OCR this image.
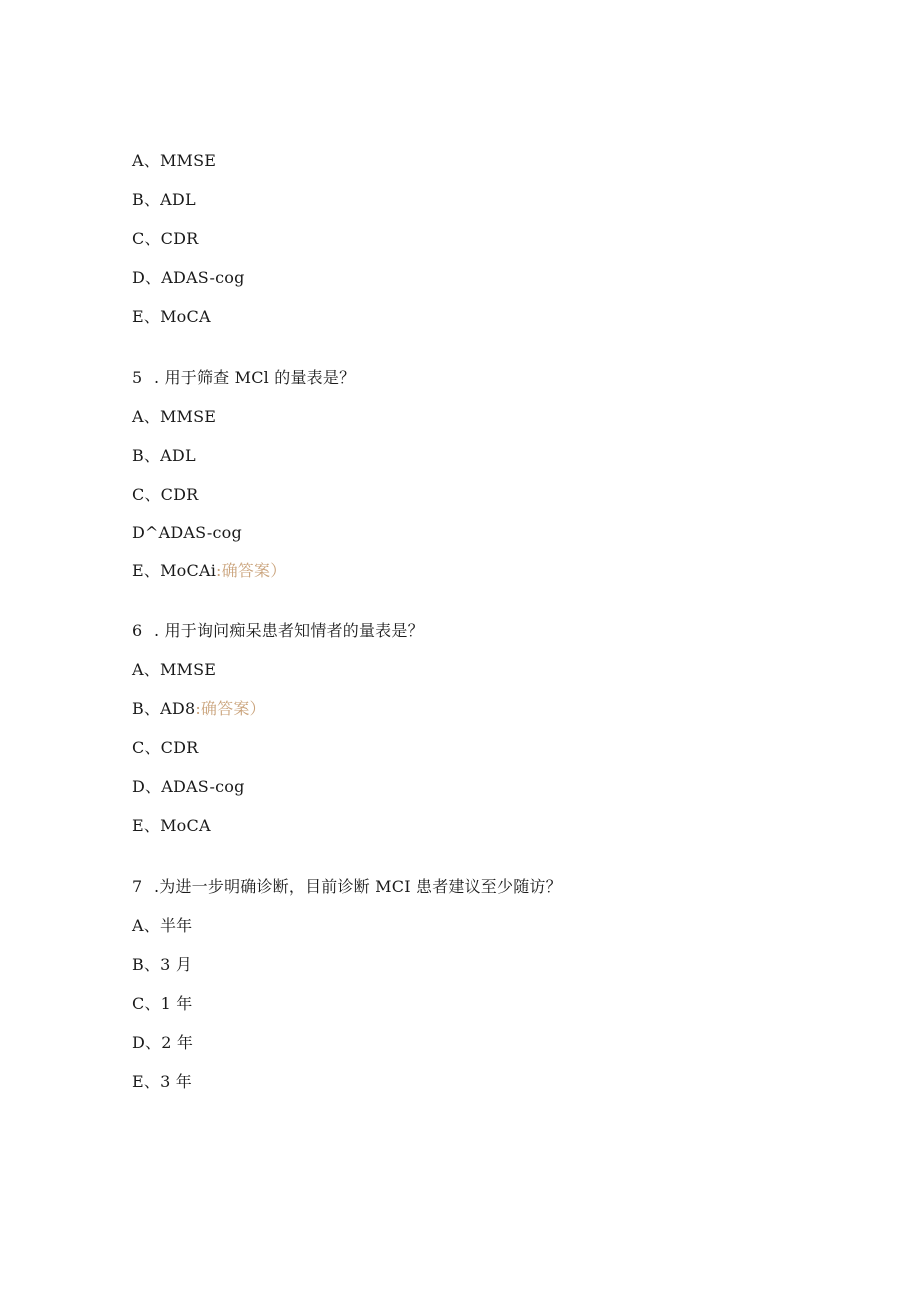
A、MMSE
B、ADL
C、CDR
D、ADAS-cog
E、MoCA
5 . 用于筛查 MCl 的量表是？
A、MMSE
B、ADL
C、CDR
D^ADAS-cog
E、MoCAi:确答案）
6 . 用于询问痴呆患者知情者的量表是？
A、MMSE
B、AD8:确答案）
C、CDR
D、ADAS-cog
E、MoCA
7 .为进一步明确诊断，目前诊断 MCI 患者建议至少随访？
A、半年
B、3 月
C、1 年
D、2 年
E、3 年
